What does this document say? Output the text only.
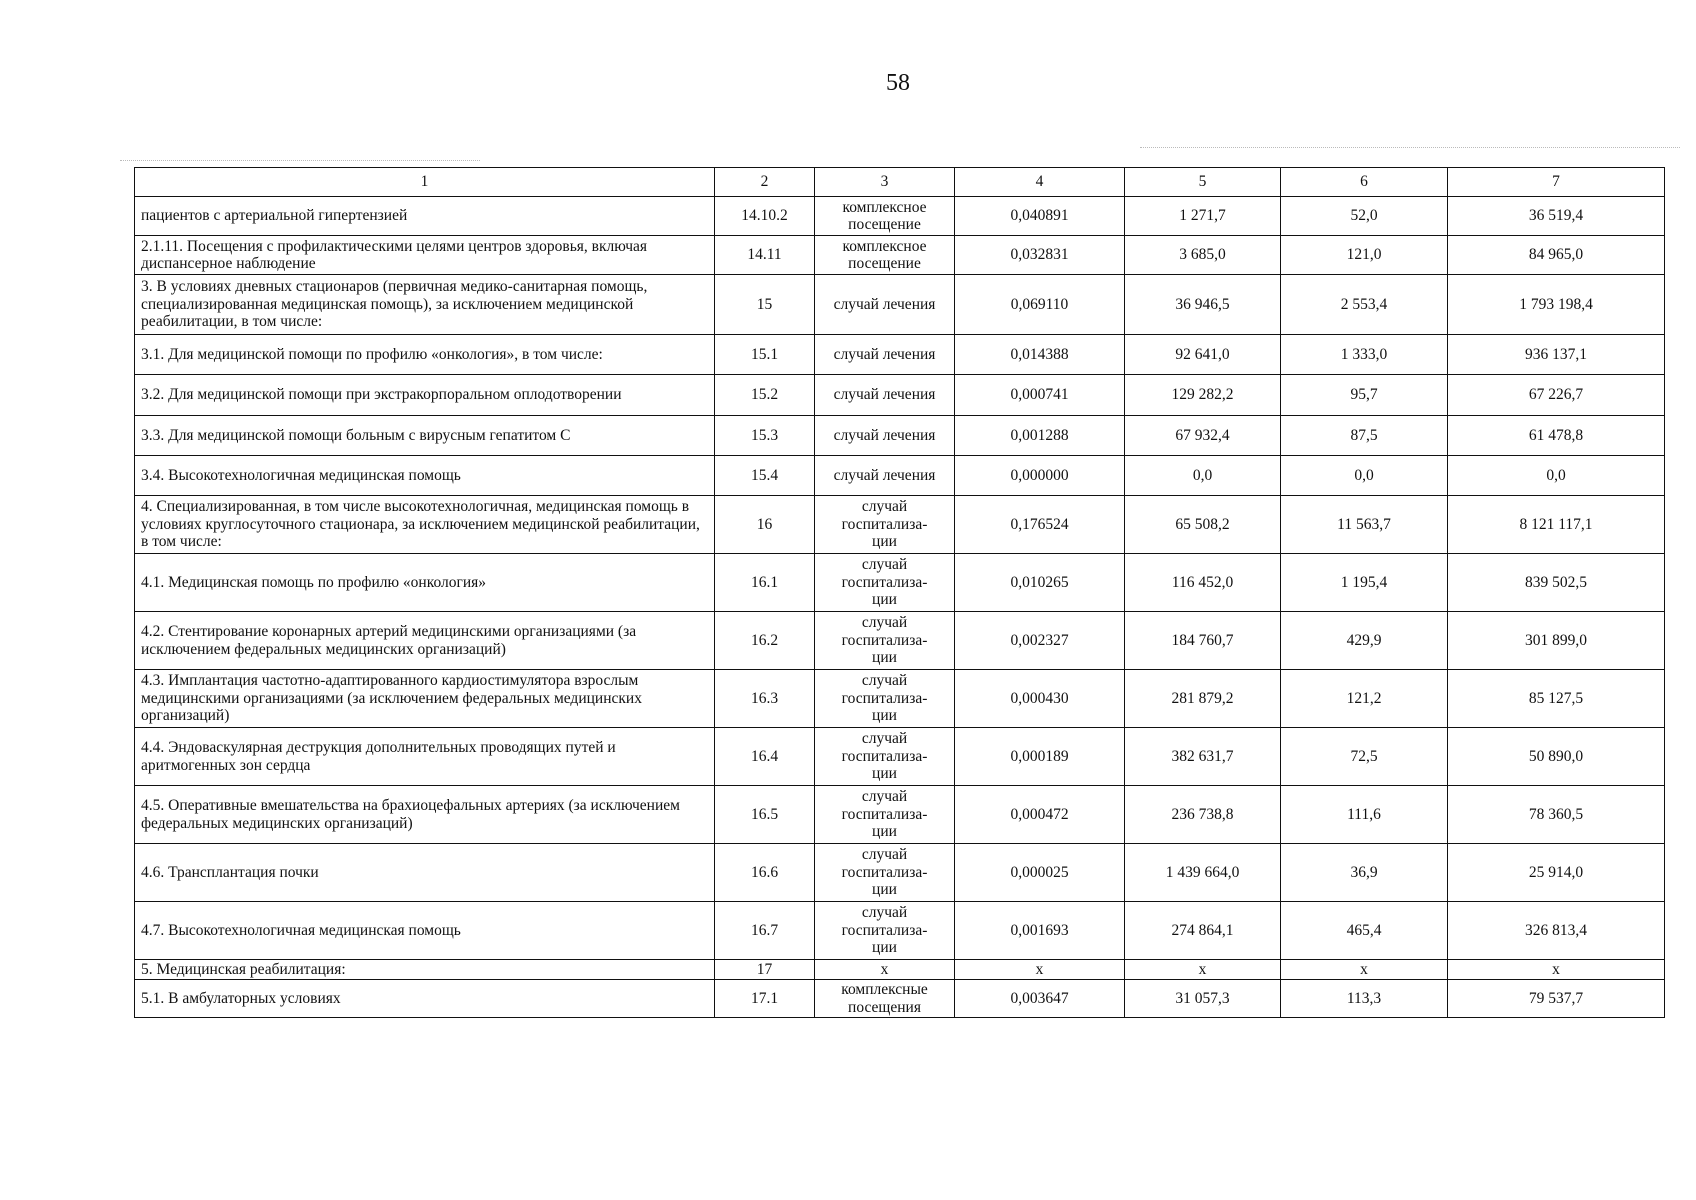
58
1	2	3	4	5	6	7
пациентов с артериальной гипертензией	14.10.2	комплексное
посещение	0,040891	1 271,7	52,0	36 519,4
2.1.11. Посещения с профилактическими целями центров здоровья, включая диспансерное наблюдение	14.11	комплексное
посещение	0,032831	3 685,0	121,0	84 965,0
3. В условиях дневных стационаров (первичная медико-санитарная помощь, специализированная медицинская помощь), за исключением медицинской реабилитации, в том числе:	15	случай лечения	0,069110	36 946,5	2 553,4	1 793 198,4
3.1. Для медицинской помощи по профилю «онкология», в том числе:	15.1	случай лечения	0,014388	92 641,0	1 333,0	936 137,1
3.2. Для медицинской помощи при экстракорпоральном оплодотворении	15.2	случай лечения	0,000741	129 282,2	95,7	67 226,7
3.3. Для медицинской помощи больным с вирусным гепатитом С	15.3	случай лечения	0,001288	67 932,4	87,5	61 478,8
3.4. Высокотехнологичная медицинская помощь	15.4	случай лечения	0,000000	0,0	0,0	0,0
4. Специализированная, в том числе высокотехнологичная, медицинская помощь в условиях круглосуточного стационара, за исключением медицинской реабилитации, в том числе:	16	случай
госпитализа-
ции	0,176524	65 508,2	11 563,7	8 121 117,1
4.1. Медицинская помощь по профилю «онкология»	16.1	случай
госпитализа-
ции	0,010265	116 452,0	1 195,4	839 502,5
4.2. Стентирование коронарных артерий медицинскими организациями (за исключением федеральных медицинских организаций)	16.2	случай
госпитализа-
ции	0,002327	184 760,7	429,9	301 899,0
4.3. Имплантация частотно-адаптированного кардиостимулятора взрослым медицинскими организациями (за исключением федеральных медицинских организаций)	16.3	случай
госпитализа-
ции	0,000430	281 879,2	121,2	85 127,5
4.4. Эндоваскулярная деструкция дополнительных проводящих путей и аритмогенных зон сердца	16.4	случай
госпитализа-
ции	0,000189	382 631,7	72,5	50 890,0
4.5. Оперативные вмешательства на брахиоцефальных артериях (за исключением федеральных медицинских организаций)	16.5	случай
госпитализа-
ции	0,000472	236 738,8	111,6	78 360,5
4.6. Трансплантация почки	16.6	случай
госпитализа-
ции	0,000025	1 439 664,0	36,9	25 914,0
4.7. Высокотехнологичная медицинская помощь	16.7	случай
госпитализа-
ции	0,001693	274 864,1	465,4	326 813,4
5. Медицинская реабилитация:	17	х	х	х	х	х
5.1. В амбулаторных условиях	17.1	комплексные
посещения	0,003647	31 057,3	113,3	79 537,7
